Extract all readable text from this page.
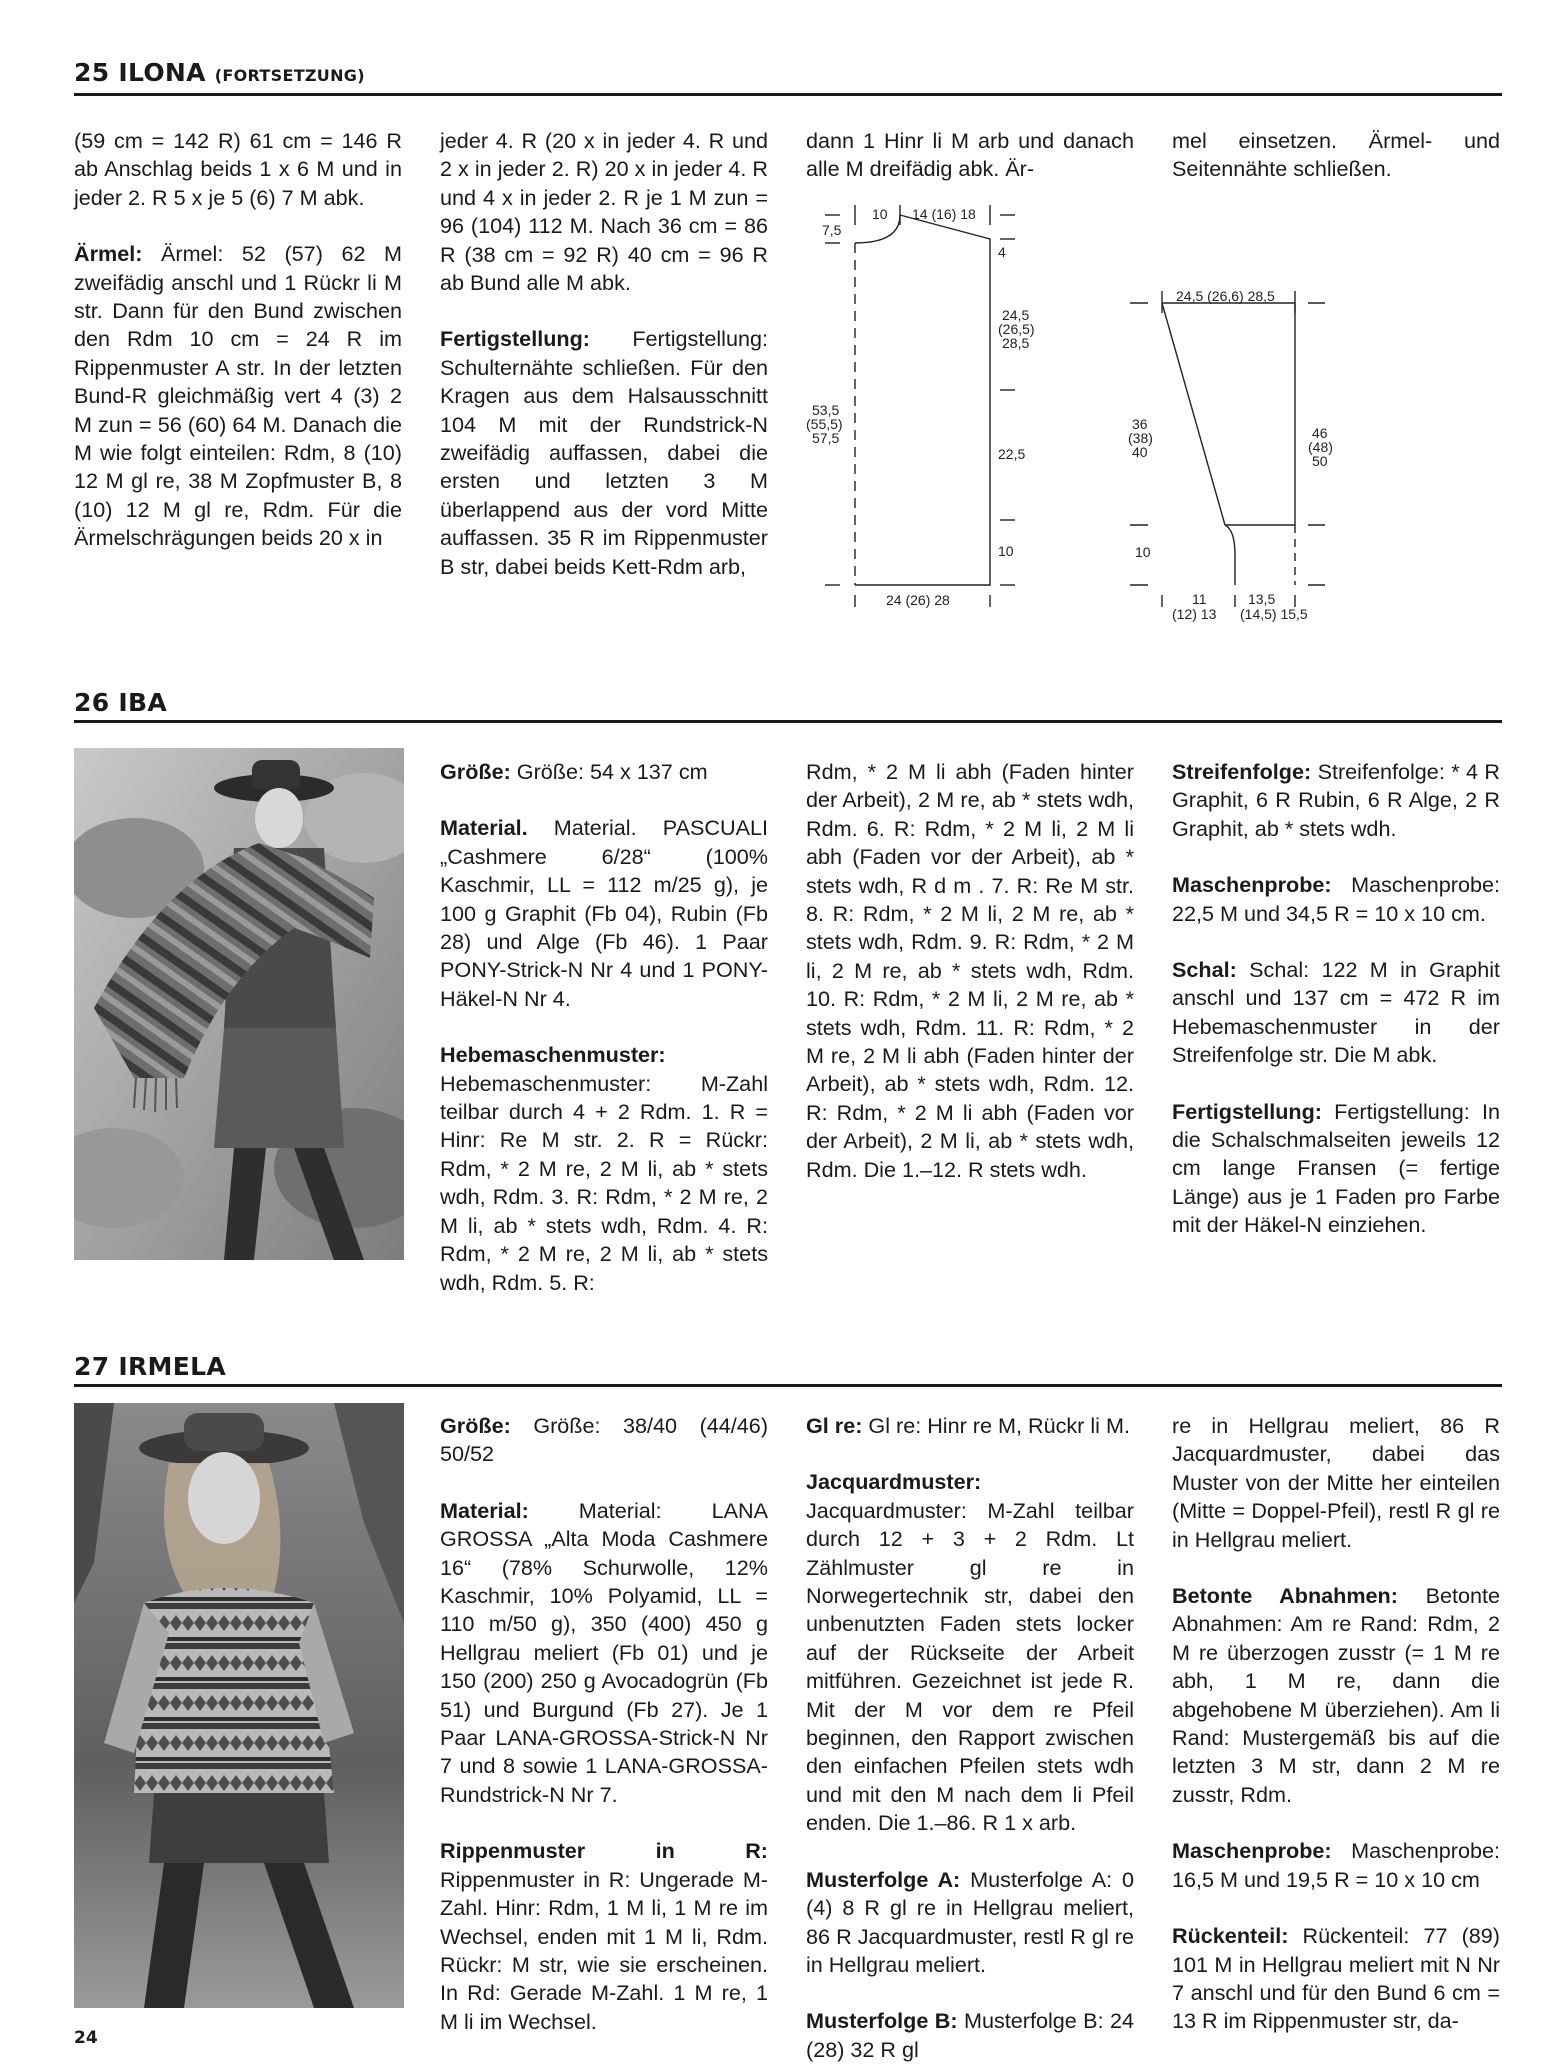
25 ILONA (FORTSETZUNG)

(59 cm = 142 R) 61 cm = 146 R ab Anschlag beids 1 x 6 M und in jeder 2. R 5 x je 5 (6) 7 M abk.

Ärmel: Ärmel: 52 (57) 62 M zweifädig anschl und 1 Rückr li M str. Dann für den Bund zwischen den Rdm 10 cm = 24 R im Rippenmuster A str. In der letzten Bund-R gleichmäßig vert 4 (3) 2 M zun = 56 (60) 64 M. Danach die M wie folgt einteilen: Rdm, 8 (10) 12 M gl re, 38 M Zopfmuster B, 8 (10) 12 M gl re, Rdm. Für die Ärmelschrägungen beids 20 x in

jeder 4. R (20 x in jeder 4. R und 2 x in jeder 2. R) 20 x in jeder 4. R und 4 x in jeder 2. R je 1 M zun = 96 (104) 112 M. Nach 36 cm = 86 R (38 cm = 92 R) 40 cm = 96 R ab Bund alle M abk.

Fertigstellung: Fertigstellung: Schulternähte schließen. Für den Kragen aus dem Halsausschnitt 104 M mit der Rundstrick-N zweifädig auffassen, dabei die ersten und letzten 3 M überlappend aus der vord Mitte auffassen. 35 R im Rippenmuster B str, dabei beids Kett-Rdm arb,

dann 1 Hinr li M arb und danach alle M dreifädig abk. Är-

mel einsetzen. Ärmel- und Seitennähte schließen.

10 14 (16) 18
7,5
4
24,5
(26,5)
28,5
53,5
(55,5)
57,5
22,5
10
24 (26) 28
24,5 (26,6) 28,5
36
(38)
40
46
(48)
50
10
11
(12) 13
13,5
(14,5) 15,5
26 IBA

Größe: Größe: 54 x 137 cm

Material. Material. PASCUALI „Cashmere 6/28“ (100% Kaschmir, LL = 112 m/25 g), je 100 g Graphit (Fb 04), Rubin (Fb 28) und Alge (Fb 46). 1 Paar PONY-Strick-N Nr 4 und 1 PONY-Häkel-N Nr 4.

Hebemaschenmuster: Hebemaschenmuster: M-Zahl teilbar durch 4 + 2 Rdm. 1. R = Hinr: Re M str. 2. R = Rückr: Rdm, * 2 M re, 2 M li, ab * stets wdh, Rdm. 3. R: Rdm, * 2 M re, 2 M li, ab * stets wdh, Rdm. 4. R: Rdm, * 2 M re, 2 M li, ab * stets wdh, Rdm. 5. R:

Rdm, * 2 M li abh (Faden hinter der Arbeit), 2 M re, ab * stets wdh, Rdm. 6. R: Rdm, * 2 M li, 2 M li abh (Faden vor der Arbeit), ab * stets wdh, R d m . 7. R: Re M str. 8. R: Rdm, * 2 M li, 2 M re, ab * stets wdh, Rdm. 9. R: Rdm, * 2 M li, 2 M re, ab * stets wdh, Rdm. 10. R: Rdm, * 2 M li, 2 M re, ab * stets wdh, Rdm. 11. R: Rdm, * 2 M re, 2 M li abh (Faden hinter der Arbeit), ab * stets wdh, Rdm. 12. R: Rdm, * 2 M li abh (Faden vor der Arbeit), 2 M li, ab * stets wdh, Rdm. Die 1.–12. R stets wdh.

Streifenfolge: Streifenfolge: * 4 R Graphit, 6 R Rubin, 6 R Alge, 2 R Graphit, ab * stets wdh.

Maschenprobe: Maschenprobe: 22,5 M und 34,5 R = 10 x 10 cm.

Schal: Schal: 122 M in Graphit anschl und 137 cm = 472 R im Hebemaschenmuster in der Streifenfolge str. Die M abk.

Fertigstellung: Fertigstellung: In die Schalschmalseiten jeweils 12 cm lange Fransen (= fertige Länge) aus je 1 Faden pro Farbe mit der Häkel-N einziehen.

27 IRMELA

Größe: Größe: 38/40 (44/46) 50/52

Material: Material: LANA GROSSA „Alta Moda Cashmere 16“ (78% Schurwolle, 12% Kaschmir, 10% Polyamid, LL = 110 m/50 g), 350 (400) 450 g Hellgrau meliert (Fb 01) und je 150 (200) 250 g Avocadogrün (Fb 51) und Burgund (Fb 27). Je 1 Paar LANA-GROSSA-Strick-N Nr 7 und 8 sowie 1 LANA-GROSSA-Rundstrick-N Nr 7.

Rippenmuster in R: Rippenmuster in R: Ungerade M-Zahl. Hinr: Rdm, 1 M li, 1 M re im Wechsel, enden mit 1 M li, Rdm. Rückr: M str, wie sie erscheinen. In Rd: Gerade M-Zahl. 1 M re, 1 M li im Wechsel.

Gl re: Gl re: Hinr re M, Rückr li M.

Jacquardmuster: Jacquardmuster: M-Zahl teilbar durch 12 + 3 + 2 Rdm. Lt Zählmuster gl re in Norwegertechnik str, dabei den unbenutzten Faden stets locker auf der Rückseite der Arbeit mitführen. Gezeichnet ist jede R. Mit der M vor dem re Pfeil beginnen, den Rapport zwischen den einfachen Pfeilen stets wdh und mit den M nach dem li Pfeil enden. Die 1.–86. R 1 x arb.

Musterfolge A: Musterfolge A: 0 (4) 8 R gl re in Hellgrau meliert, 86 R Jacquardmuster, restl R gl re in Hellgrau meliert.

Musterfolge B: Musterfolge B: 24 (28) 32 R gl

re in Hellgrau meliert, 86 R Jacquardmuster, dabei das Muster von der Mitte her einteilen (Mitte = Doppel-Pfeil), restl R gl re in Hellgrau meliert.

Betonte Abnahmen: Betonte Abnahmen: Am re Rand: Rdm, 2 M re überzogen zusstr (= 1 M re abh, 1 M re, dann die abgehobene M überziehen). Am li Rand: Mustergemäß bis auf die letzten 3 M str, dann 2 M re zusstr, Rdm.

Maschenprobe: Maschenprobe: 16,5 M und 19,5 R = 10 x 10 cm

Rückenteil: Rückenteil: 77 (89) 101 M in Hellgrau meliert mit N Nr 7 anschl und für den Bund 6 cm = 13 R im Rippenmuster str, da-

24
